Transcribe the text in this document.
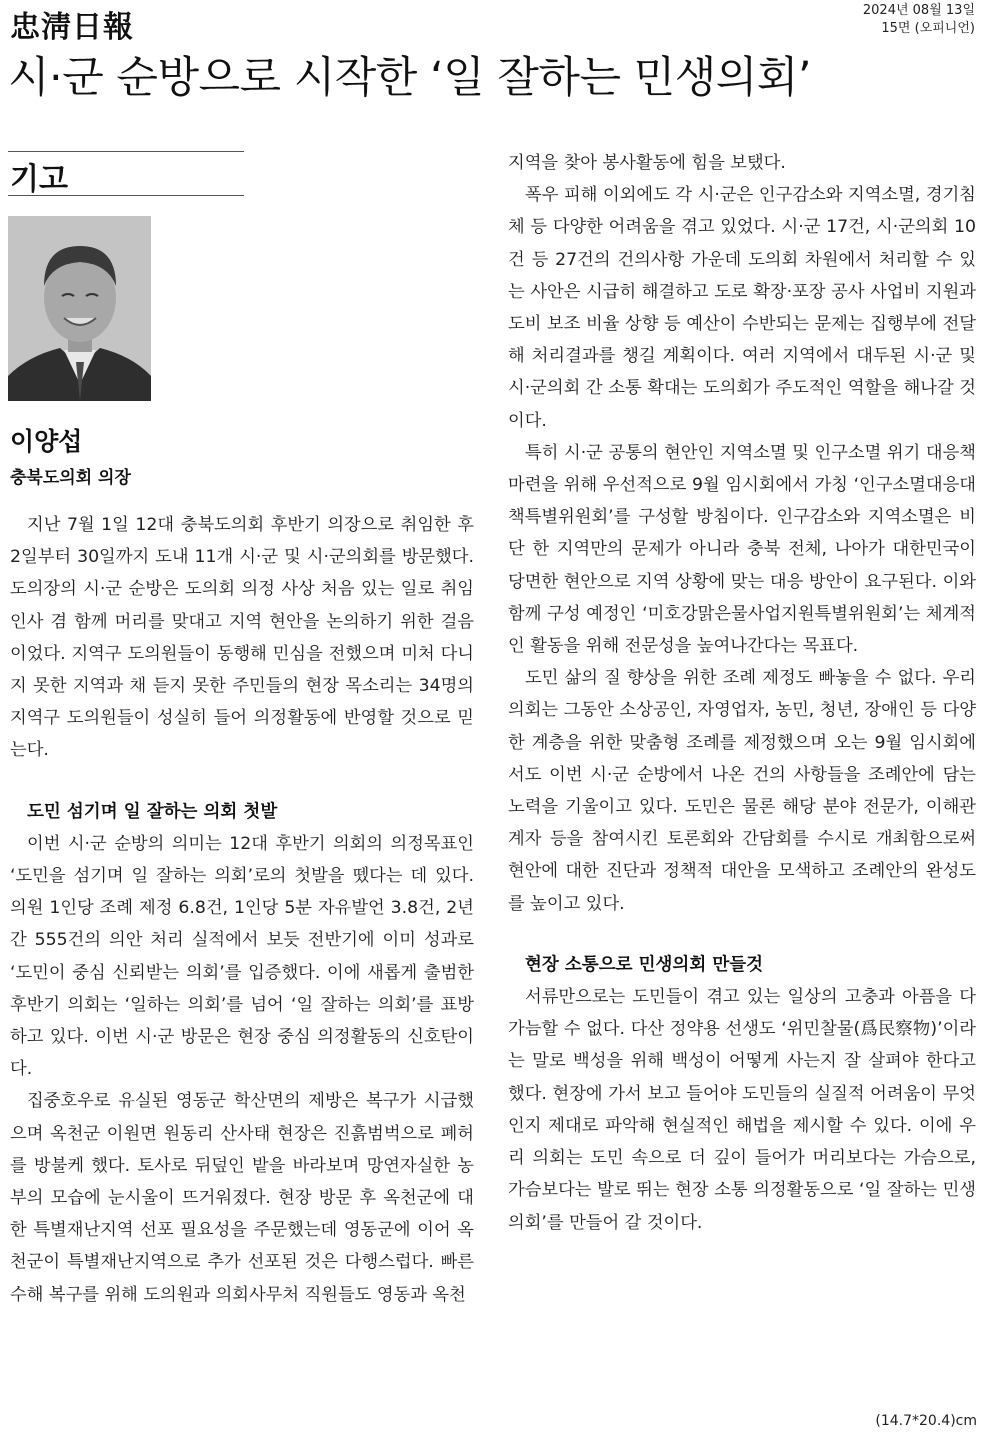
忠淸日報	2024년 08월 13일
15면 (오피니언)
시·군 순방으로 시작한 ‘일 잘하는 민생의회’
기고
이양섭
충북도의회 의장

지난 7월 1일 12대 충북도의회 후반기 의장으로 취임한 후 2일부터 30일까지 도내 11개 시·군 및 시·군의회를 방문했다. 도의장의 시·군 순방은 도의회 의정 사상 처음 있는 일로 취임 인사 겸 함께 머리를 맞대고 지역 현안을 논의하기 위한 걸음이었다. 지역구 도의원들이 동행해 민심을 전했으며 미처 다니지 못한 지역과 채 듣지 못한 주민들의 현장 목소리는 34명의 지역구 도의원들이 성실히 들어 의정활동에 반영할 것으로 믿는다.

도민 섬기며 일 잘하는 의회 첫발

이번 시·군 순방의 의미는 12대 후반기 의회의 의정목표인 ‘도민을 섬기며 일 잘하는 의회’로의 첫발을 뗐다는 데 있다. 의원 1인당 조례 제정 6.8건, 1인당 5분 자유발언 3.8건, 2년간 555건의 의안 처리 실적에서 보듯 전반기에 이미 성과로 ‘도민이 중심 신뢰받는 의회’를 입증했다. 이에 새롭게 출범한 후반기 의회는 ‘일하는 의회’를 넘어 ‘일 잘하는 의회’를 표방하고 있다. 이번 시·군 방문은 현장 중심 의정활동의 신호탄이다.

집중호우로 유실된 영동군 학산면의 제방은 복구가 시급했으며 옥천군 이원면 원동리 산사태 현장은 진흙범벅으로 폐허를 방불케 했다. 토사로 뒤덮인 밭을 바라보며 망연자실한 농부의 모습에 눈시울이 뜨거워졌다. 현장 방문 후 옥천군에 대한 특별재난지역 선포 필요성을 주문했는데 영동군에 이어 옥천군이 특별재난지역으로 추가 선포된 것은 다행스럽다. 빠른 수해 복구를 위해 도의원과 의회사무처 직원들도 영동과 옥천

지역을 찾아 봉사활동에 힘을 보탰다.

폭우 피해 이외에도 각 시·군은 인구감소와 지역소멸, 경기침체 등 다양한 어려움을 겪고 있었다. 시·군 17건, 시·군의회 10건 등 27건의 건의사항 가운데 도의회 차원에서 처리할 수 있는 사안은 시급히 해결하고 도로 확장·포장 공사 사업비 지원과 도비 보조 비율 상향 등 예산이 수반되는 문제는 집행부에 전달해 처리결과를 챙길 계획이다. 여러 지역에서 대두된 시·군 및 시·군의회 간 소통 확대는 도의회가 주도적인 역할을 해나갈 것이다.

특히 시·군 공통의 현안인 지역소멸 및 인구소멸 위기 대응책 마련을 위해 우선적으로 9월 임시회에서 가칭 ‘인구소멸대응대책특별위원회’를 구성할 방침이다. 인구감소와 지역소멸은 비단 한 지역만의 문제가 아니라 충북 전체, 나아가 대한민국이 당면한 현안으로 지역 상황에 맞는 대응 방안이 요구된다. 이와 함께 구성 예정인 ‘미호강맑은물사업지원특별위원회’는 체계적인 활동을 위해 전문성을 높여나간다는 목표다.

도민 삶의 질 향상을 위한 조례 제정도 빠놓을 수 없다. 우리 의회는 그동안 소상공인, 자영업자, 농민, 청년, 장애인 등 다양한 계층을 위한 맞춤형 조례를 제정했으며 오는 9월 임시회에서도 이번 시·군 순방에서 나온 건의 사항들을 조례안에 담는 노력을 기울이고 있다. 도민은 물론 해당 분야 전문가, 이해관계자 등을 참여시킨 토론회와 간담회를 수시로 개최함으로써 현안에 대한 진단과 정책적 대안을 모색하고 조례안의 완성도를 높이고 있다.

현장 소통으로 민생의회 만들것

서류만으로는 도민들이 겪고 있는 일상의 고충과 아픔을 다 가늠할 수 없다. 다산 정약용 선생도 ‘위민찰물(爲民察物)’이라는 말로 백성을 위해 백성이 어떻게 사는지 잘 살펴야 한다고 했다. 현장에 가서 보고 들어야 도민들의 실질적 어려움이 무엇인지 제대로 파악해 현실적인 해법을 제시할 수 있다. 이에 우리 의회는 도민 속으로 더 깊이 들어가 머리보다는 가슴으로, 가슴보다는 발로 뛰는 현장 소통 의정활동으로 ‘일 잘하는 민생의회’를 만들어 갈 것이다.

(14.7*20.4)cm
